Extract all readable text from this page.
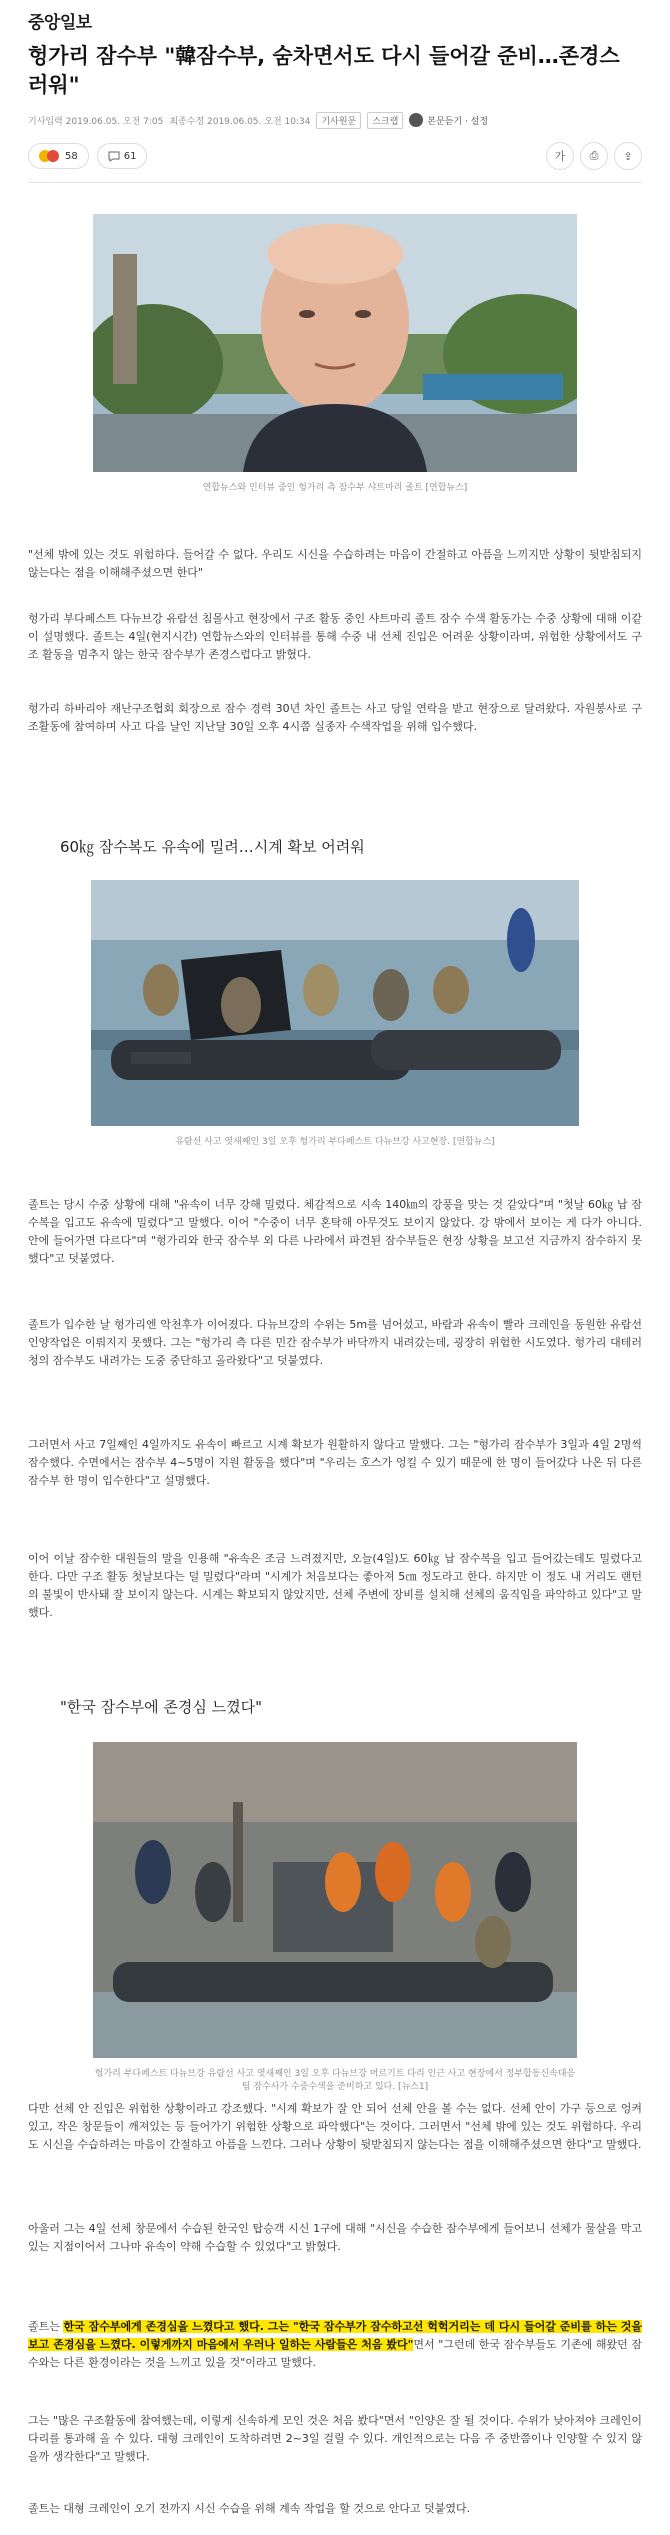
중앙일보
헝가리 잠수부 "韓잠수부, 숨차면서도 다시 들어갈 준비…존경스러워"
기사입력 2019.06.05. 오전 7:05 최종수정 2019.06.05. 오전 10:34	기사원문	스크랩	본문듣기 · 설정
58	61	가	⎙	⇪
연합뉴스와 인터뷰 중인 헝가리 측 잠수부 샤트마리 졸트 [연합뉴스]
"선체 밖에 있는 것도 위험하다. 들어갈 수 없다. 우리도 시신을 수습하려는 마음이 간절하고 아픔을 느끼지만 상황이 뒷받침되지 않는다는 점을 이해해주셨으면 한다"
헝가리 부다페스트 다뉴브강 유람선 침몰사고 현장에서 구조 활동 중인 샤트마리 졸트 잠수 수색 활동가는 수중 상황에 대해 이같이 설명했다. 졸트는 4일(현지시간) 연합뉴스와의 인터뷰를 통해 수중 내 선체 진입은 어려운 상황이라며, 위험한 상황에서도 구조 활동을 멈추지 않는 한국 잠수부가 존경스럽다고 밝혔다.
헝가리 하바리아 재난구조협회 회장으로 잠수 경력 30년 차인 졸트는 사고 당일 연락을 받고 현장으로 달려왔다. 자원봉사로 구조활동에 참여하며 사고 다음 날인 지난달 30일 오후 4시쯤 실종자 수색작업을 위해 입수했다.
60㎏ 잠수복도 유속에 밀려…시계 확보 어려워
유람선 사고 엿새째인 3일 오후 헝가리 부다페스트 다뉴브강 사고현장. [연합뉴스]
졸트는 당시 수중 상황에 대해 "유속이 너무 강해 밀렸다. 체감적으로 시속 140㎞의 강풍을 맞는 것 같았다"며 "첫날 60㎏ 납 잠수복을 입고도 유속에 밀렸다"고 말했다. 이어 "수중이 너무 혼탁해 아무것도 보이지 않았다. 강 밖에서 보이는 게 다가 아니다. 안에 들어가면 다르다"며 "헝가리와 한국 잠수부 외 다른 나라에서 파견된 잠수부들은 현장 상황을 보고선 지금까지 잠수하지 못했다"고 덧붙였다.
졸트가 입수한 날 헝가리엔 악천후가 이어졌다. 다뉴브강의 수위는 5m를 넘어섰고, 바람과 유속이 빨라 크레인을 동원한 유람선 인양작업은 이뤄지지 못했다. 그는 "헝가리 측 다른 민간 잠수부가 바닥까지 내려갔는데, 굉장히 위험한 시도였다. 헝가리 대테러청의 잠수부도 내려가는 도중 중단하고 올라왔다"고 덧붙였다.
그러면서 사고 7일째인 4일까지도 유속이 빠르고 시계 확보가 원활하지 않다고 말했다. 그는 "헝가리 잠수부가 3일과 4일 2명씩 잠수했다. 수면에서는 잠수부 4~5명이 지원 활동을 했다"며 "우리는 호스가 엉킬 수 있기 때문에 한 명이 들어갔다 나온 뒤 다른 잠수부 한 명이 입수한다"고 설명했다.
이어 이날 잠수한 대원들의 말을 인용해 "유속은 조금 느려졌지만, 오늘(4일)도 60㎏ 납 잠수복을 입고 들어갔는데도 밀렸다고 한다. 다만 구조 활동 첫날보다는 덜 밀렸다"라며 "시계가 처음보다는 좋아져 5㎝ 정도라고 한다. 하지만 이 정도 내 거리도 랜턴의 불빛이 반사돼 잘 보이지 않는다. 시계는 확보되지 않았지만, 선체 주변에 장비를 설치해 선체의 움직임을 파악하고 있다"고 말했다.
"한국 잠수부에 존경심 느꼈다"
헝가리 부다페스트 다뉴브강 유람선 사고 엿새째인 3일 오후 다뉴브강 머르기트 다리 인근 사고 현장에서 정부합동신속대응팀 잠수사가 수중수색을 준비하고 있다. [뉴스1]
다만 선체 안 진입은 위험한 상황이라고 강조했다. "시계 확보가 잘 안 되어 선체 안을 볼 수는 없다. 선체 안이 가구 등으로 엉켜있고, 작은 창문들이 깨져있는 등 들어가기 위험한 상황으로 파악했다"는 것이다. 그러면서 "선체 밖에 있는 것도 위험하다. 우리도 시신을 수습하려는 마음이 간절하고 아픔을 느낀다. 그러나 상황이 뒷받침되지 않는다는 점을 이해해주셨으면 한다"고 말했다.
아울러 그는 4일 선체 창문에서 수습된 한국인 탑승객 시신 1구에 대해 "시신을 수습한 잠수부에게 들어보니 선체가 물살을 막고 있는 지점이어서 그나마 유속이 약해 수습할 수 있었다"고 밝혔다.
졸트는 한국 잠수부에게 존경심을 느꼈다고 했다. 그는 "한국 잠수부가 잠수하고선 헉헉거리는 데 다시 들어갈 준비를 하는 것을 보고 존경심을 느꼈다. 이렇게까지 마음에서 우러나 일하는 사람들은 처음 봤다"면서 "그런데 한국 잠수부들도 기존에 해왔던 잠수와는 다른 환경이라는 것을 느끼고 있을 것"이라고 말했다.
그는 "많은 구조활동에 참여했는데, 이렇게 신속하게 모인 것은 처음 봤다"면서 "인양은 잘 될 것이다. 수위가 낮아져야 크레인이 다리를 통과해 올 수 있다. 대형 크레인이 도착하려면 2~3일 걸릴 수 있다. 개인적으로는 다음 주 중반쯤이나 인양할 수 있지 않을까 생각한다"고 말했다.
졸트는 대형 크레인이 오기 전까지 시신 수습을 위해 계속 작업을 할 것으로 안다고 덧붙였다.
